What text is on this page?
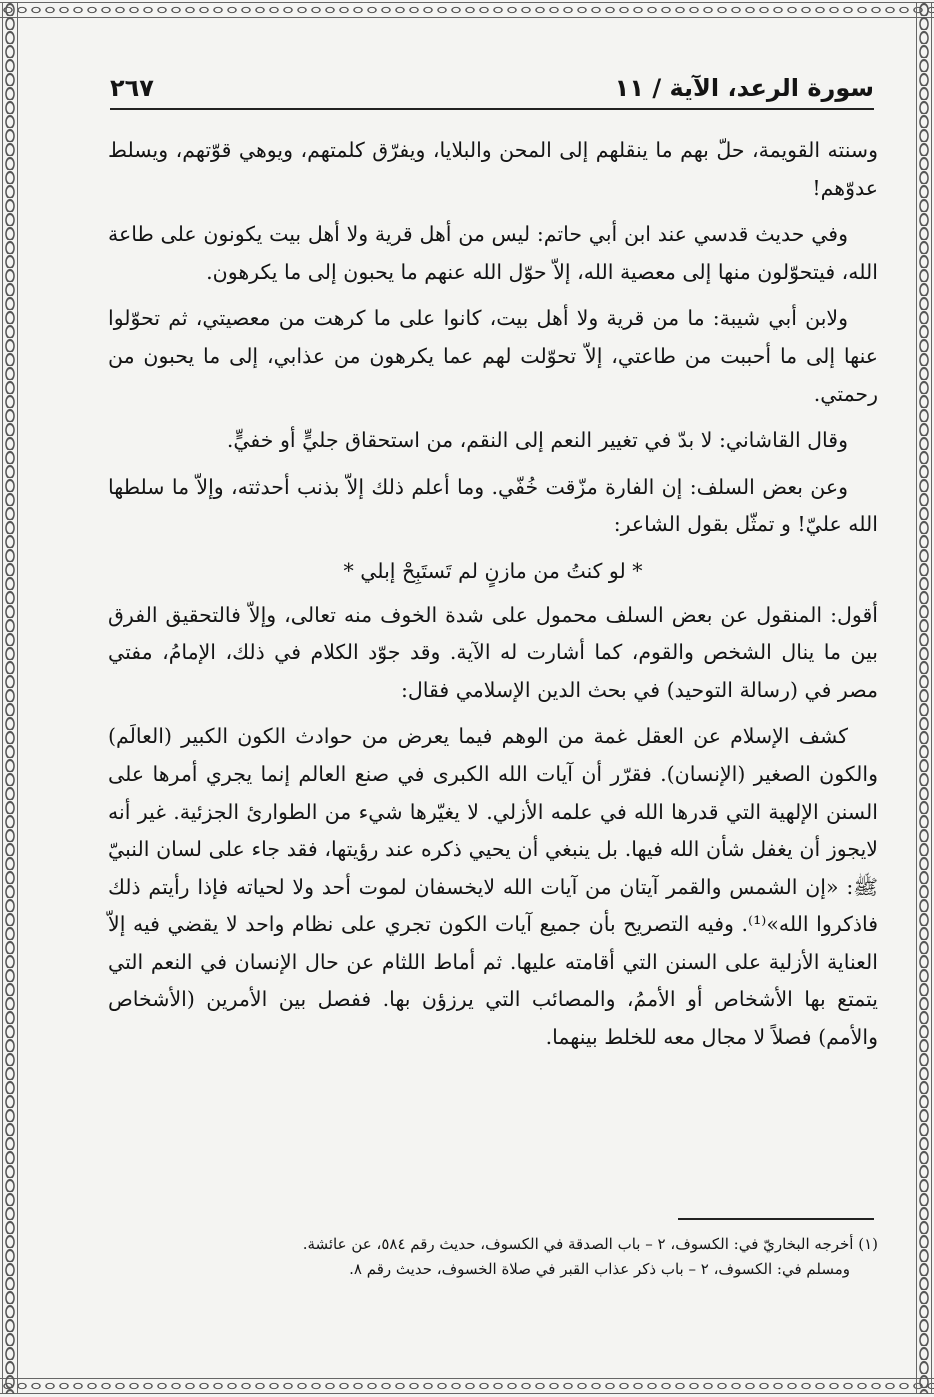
٢٦٧	سورة الرعد، الآية / ١١

وسنته القويمة، حلّ بهم ما ينقلهم إلى المحن والبلايا، ويفرّق كلمتهم، ويوهي قوّتهم، ويسلط عدوّهم!

وفي حديث قدسي عند ابن أبي حاتم: ليس من أهل قرية ولا أهل بيت يكونون على طاعة الله، فيتحوّلون منها إلى معصية الله، إلاّ حوّل الله عنهم ما يحبون إلى ما يكرهون.

ولابن أبي شيبة: ما من قرية ولا أهل بيت، كانوا على ما كرهت من معصيتي، ثم تحوّلوا عنها إلى ما أحببت من طاعتي، إلاّ تحوّلت لهم عما يكرهون من عذابي، إلى ما يحبون من رحمتي.

وقال القاشاني: لا بدّ في تغيير النعم إلى النقم، من استحقاق جليٍّ أو خفيٍّ.

وعن بعض السلف: إن الفارة مزّقت خُفّي. وما أعلم ذلك إلاّ بذنب أحدثته، وإلاّ ما سلطها الله عليّ! و تمثّل بقول الشاعر:

* لو كنتُ من مازنٍ لم تَستَبِحْ إبلي *

أقول: المنقول عن بعض السلف محمول على شدة الخوف منه تعالى، وإلاّ فالتحقيق الفرق بين ما ينال الشخص والقوم، كما أشارت له الآية. وقد جوّد الكلام في ذلك، الإمامُ، مفتي مصر في (رسالة التوحيد) في بحث الدين الإسلامي فقال:

كشف الإسلام عن العقل غمة من الوهم فيما يعرض من حوادث الكون الكبير (العالَم) والكون الصغير (الإنسان). فقرّر أن آيات الله الكبرى في صنع العالم إنما يجري أمرها على السنن الإلهية التي قدرها الله في علمه الأزلي. لا يغيّرها شيء من الطوارئ الجزئية. غير أنه لايجوز أن يغفل شأن الله فيها. بل ينبغي أن يحيي ذكره عند رؤيتها، فقد جاء على لسان النبيّ ﷺ: «إن الشمس والقمر آيتان من آيات الله لايخسفان لموت أحد ولا لحياته فإذا رأيتم ذلك فاذكروا الله»⁽¹⁾. وفيه التصريح بأن جميع آيات الكون تجري على نظام واحد لا يقضي فيه إلاّ العناية الأزلية على السنن التي أقامته عليها. ثم أماط اللثام عن حال الإنسان في النعم التي يتمتع بها الأشخاص أو الأممُ، والمصائب التي يرزؤن بها. ففصل بين الأمرين (الأشخاص والأمم) فصلاً لا مجال معه للخلط بينهما.

(١) أخرجه البخاريّ في: الكسوف، ٢ – باب الصدقة في الكسوف، حديث رقم ٥٨٤، عن عائشة.

ومسلم في: الكسوف، ٢ – باب ذكر عذاب القبر في صلاة الخسوف، حديث رقم ٨.
